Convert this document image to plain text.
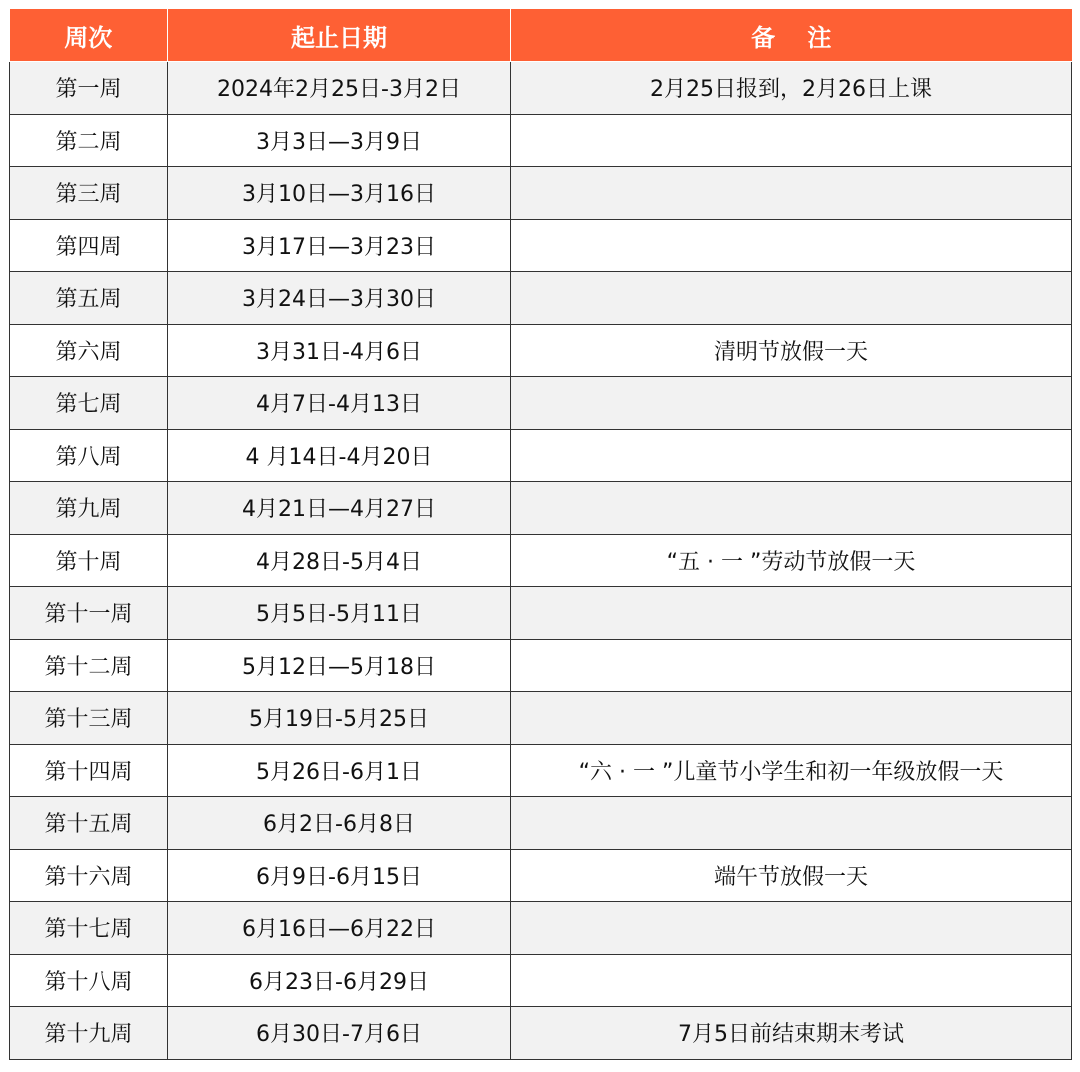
周次	起止日期	备 注
第一周	2024年2月25日-3月2日	2月25日报到，2月26日上课
第二周	3月3日—3月9日	
第三周	3月10日—3月16日	
第四周	3月17日—3月23日	
第五周	3月24日—3月30日	
第六周	3月31日-4月6日	清明节放假一天
第七周	4月7日-4月13日	
第八周	4 月14日-4月20日	
第九周	4月21日—4月27日	
第十周	4月28日-5月4日	“五 · 一 ”劳动节放假一天
第十一周	5月5日-5月11日	
第十二周	5月12日—5月18日	
第十三周	5月19日-5月25日	
第十四周	5月26日-6月1日	“六 · 一 ”儿童节小学生和初一年级放假一天
第十五周	6月2日-6月8日	
第十六周	6月9日-6月15日	端午节放假一天
第十七周	6月16日—6月22日	
第十八周	6月23日-6月29日	
第十九周	6月30日-7月6日	7月5日前结束期末考试
